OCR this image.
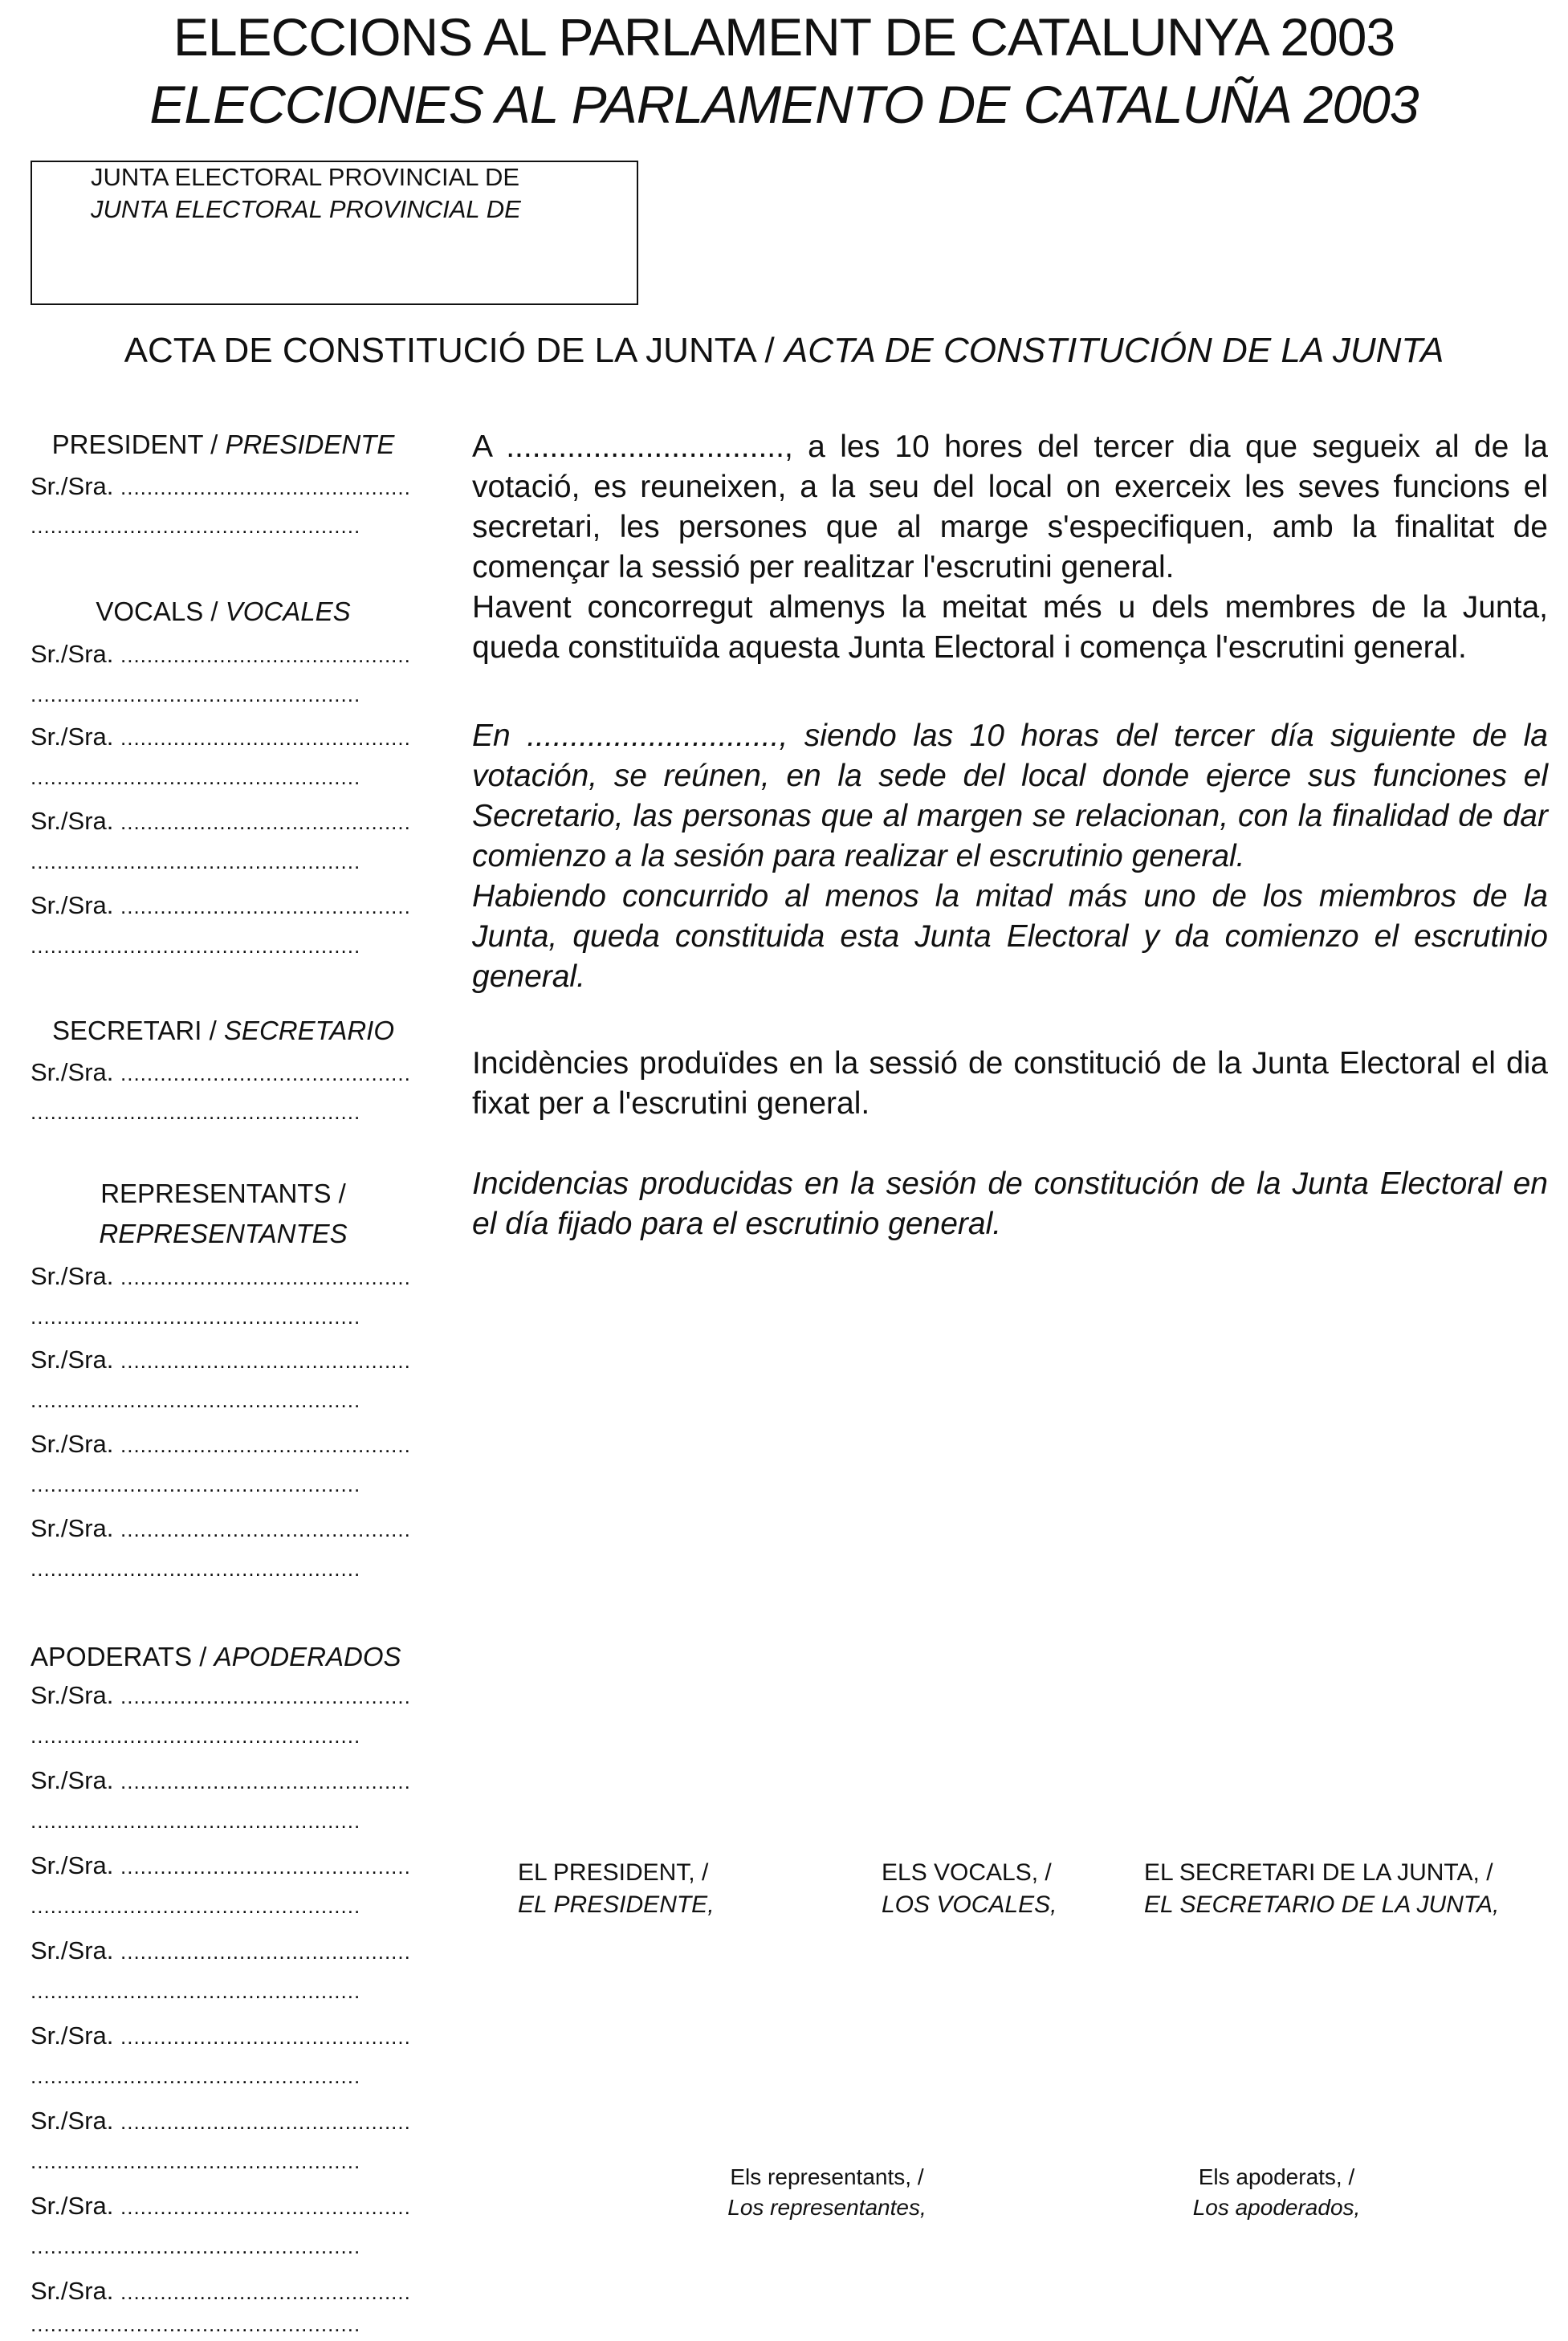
ELECCIONS AL PARLAMENT DE CATALUNYA 2003
ELECCIONES AL PARLAMENTO DE CATALUÑA 2003
JUNTA ELECTORAL PROVINCIAL DE
JUNTA ELECTORAL PROVINCIAL DE
ACTA DE CONSTITUCIÓ DE LA JUNTA / ACTA DE CONSTITUCIÓN DE LA JUNTA
PRESIDENT / PRESIDENTE
Sr./Sra. ............................................
..................................................
VOCALS / VOCALES
Sr./Sra. ............................................
..................................................
Sr./Sra. ............................................
..................................................
Sr./Sra. ............................................
..................................................
Sr./Sra. ............................................
..................................................
SECRETARI / SECRETARIO
Sr./Sra. ............................................
..................................................
REPRESENTANTS /
REPRESENTANTES
Sr./Sra. ............................................
..................................................
Sr./Sra. ............................................
..................................................
Sr./Sra. ............................................
..................................................
Sr./Sra. ............................................
..................................................
APODERATS / APODERADOS
Sr./Sra. ............................................
..................................................
Sr./Sra. ............................................
..................................................
Sr./Sra. ............................................
..................................................
Sr./Sra. ............................................
..................................................
Sr./Sra. ............................................
..................................................
Sr./Sra. ............................................
..................................................
Sr./Sra. ............................................
..................................................
Sr./Sra. ............................................
..................................................
A ................................, a les 10 hores del tercer dia que segueix al de la votació, es reuneixen, a la seu del local on exerceix les seves funcions el secretari, les persones que al marge s'especifiquen, amb la finalitat de començar la sessió per realitzar l'escrutini general.
Havent concorregut almenys la meitat més u dels membres de la Junta, queda constituïda aquesta Junta Electoral i comença l'escrutini general.
En ............................., siendo las 10 horas del tercer día siguiente de la votación, se reúnen, en la sede del local donde ejerce sus funciones el Secretario, las personas que al margen se relacionan, con la finalidad de dar comienzo a la sesión para realizar el escrutinio general.
Habiendo concurrido al menos la mitad más uno de los miembros de la Junta, queda constituida esta Junta Electoral y da comienzo el escrutinio general.
Incidències produïdes en la sessió de constitució de la Junta Electoral el dia fixat per a l'escrutini general.
Incidencias producidas en la sesión de constitución de la Junta Electoral en el día fijado para el escrutinio general.
EL PRESIDENT, /
EL PRESIDENTE,
ELS VOCALS, /
LOS VOCALES,
EL SECRETARI DE LA JUNTA, /
EL SECRETARIO DE LA JUNTA,
Els representants, /
Los representantes,
Els apoderats, /
Los apoderados,
